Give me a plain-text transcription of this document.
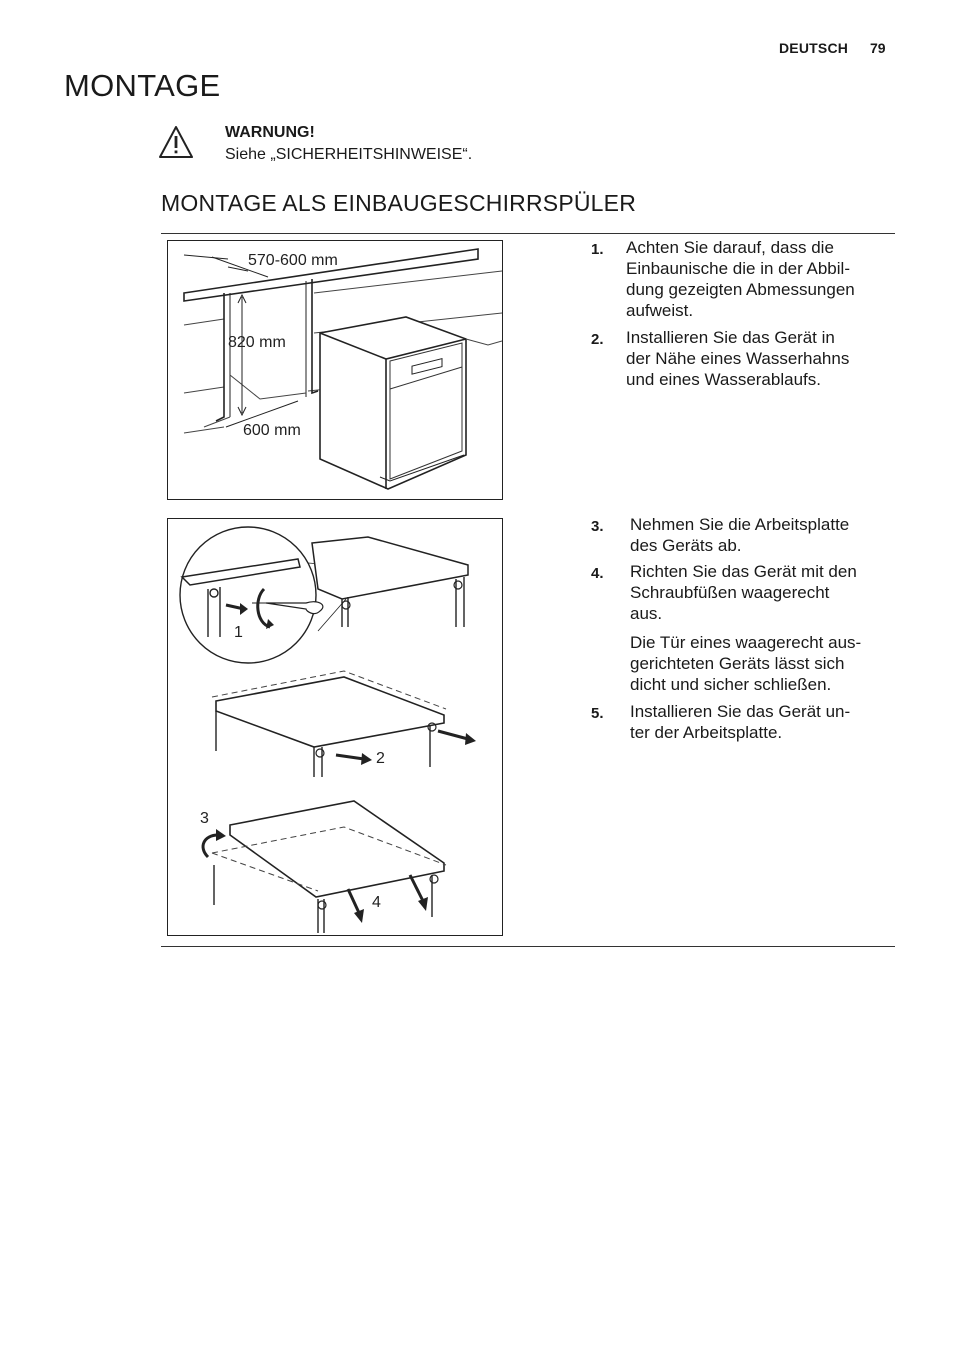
DEUTSCH 79
MONTAGE
WARNUNG!
Siehe „SICHERHEITSHINWEISE“.
MONTAGE ALS EINBAUGESCHIRRSPÜLER
570-600 mm
820 mm
600 mm
1
2
3
4
1. Achten Sie darauf, dass die
Einbaunische die in der Abbil-
dung gezeigten Abmessungen
aufweist.
2. Installieren Sie das Gerät in
der Nähe eines Wasserhahns
und eines Wasserablaufs.
3. Nehmen Sie die Arbeitsplatte
des Geräts ab.
4. Richten Sie das Gerät mit den
Schraubfüßen waagerecht
aus.
Die Tür eines waagerecht aus-
gerichteten Geräts lässt sich
dicht und sicher schließen.
5. Installieren Sie das Gerät un-
ter der Arbeitsplatte.
